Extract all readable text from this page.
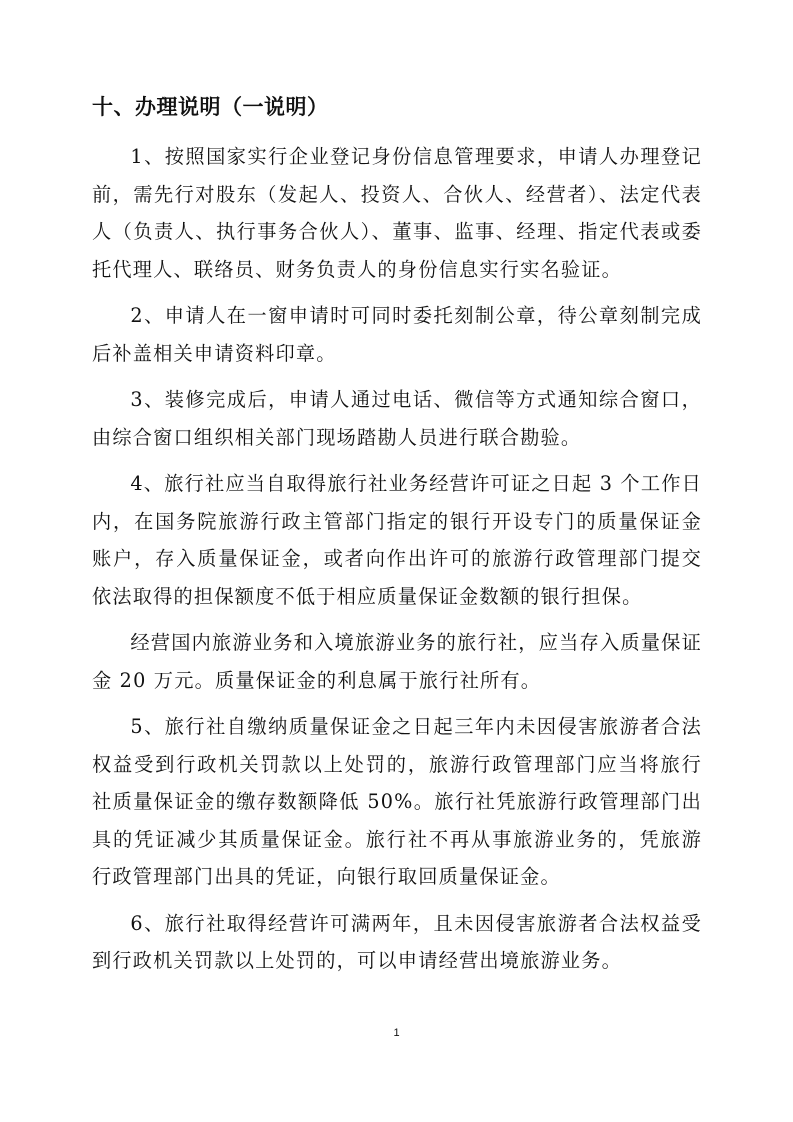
十、办理说明（一说明）

1、按照国家实行企业登记身份信息管理要求，申请人办理登记前，需先行对股东（发起人、投资人、合伙人、经营者）、法定代表人（负责人、执行事务合伙人）、董事、监事、经理、指定代表或委托代理人、联络员、财务负责人的身份信息实行实名验证。

2、申请人在一窗申请时可同时委托刻制公章，待公章刻制完成后补盖相关申请资料印章。

3、装修完成后，申请人通过电话、微信等方式通知综合窗口，由综合窗口组织相关部门现场踏勘人员进行联合勘验。

4、旅行社应当自取得旅行社业务经营许可证之日起 3 个工作日内，在国务院旅游行政主管部门指定的银行开设专门的质量保证金账户，存入质量保证金，或者向作出许可的旅游行政管理部门提交依法取得的担保额度不低于相应质量保证金数额的银行担保。

经营国内旅游业务和入境旅游业务的旅行社，应当存入质量保证金 20 万元。质量保证金的利息属于旅行社所有。

5、旅行社自缴纳质量保证金之日起三年内未因侵害旅游者合法权益受到行政机关罚款以上处罚的，旅游行政管理部门应当将旅行社质量保证金的缴存数额降低 50%。旅行社凭旅游行政管理部门出具的凭证减少其质量保证金。旅行社不再从事旅游业务的，凭旅游行政管理部门出具的凭证，向银行取回质量保证金。

6、旅行社取得经营许可满两年，且未因侵害旅游者合法权益受到行政机关罚款以上处罚的，可以申请经营出境旅游业务。

1
